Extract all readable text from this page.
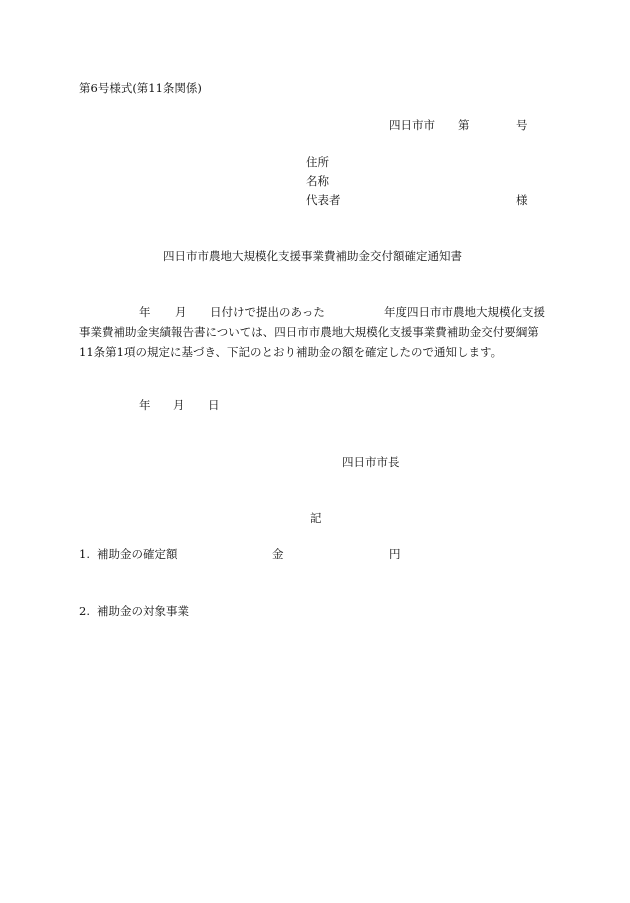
第6号様式(第11条関係)
四日市市 第	号
住所
名称
代表者	様
四日市市農地大規模化支援事業費補助金交付額確定通知書
年 月 日付けで提出のあった	年度四日市市農地大規模化支援
事業費補助金実績報告書については、四日市市農地大規模化支援事業費補助金交付要綱第
11条第1項の規定に基づき、下記のとおり補助金の額を確定したので通知します。
年 月 日
四日市市長
記
1. 補助金の確定額	金	円
2. 補助金の対象事業
